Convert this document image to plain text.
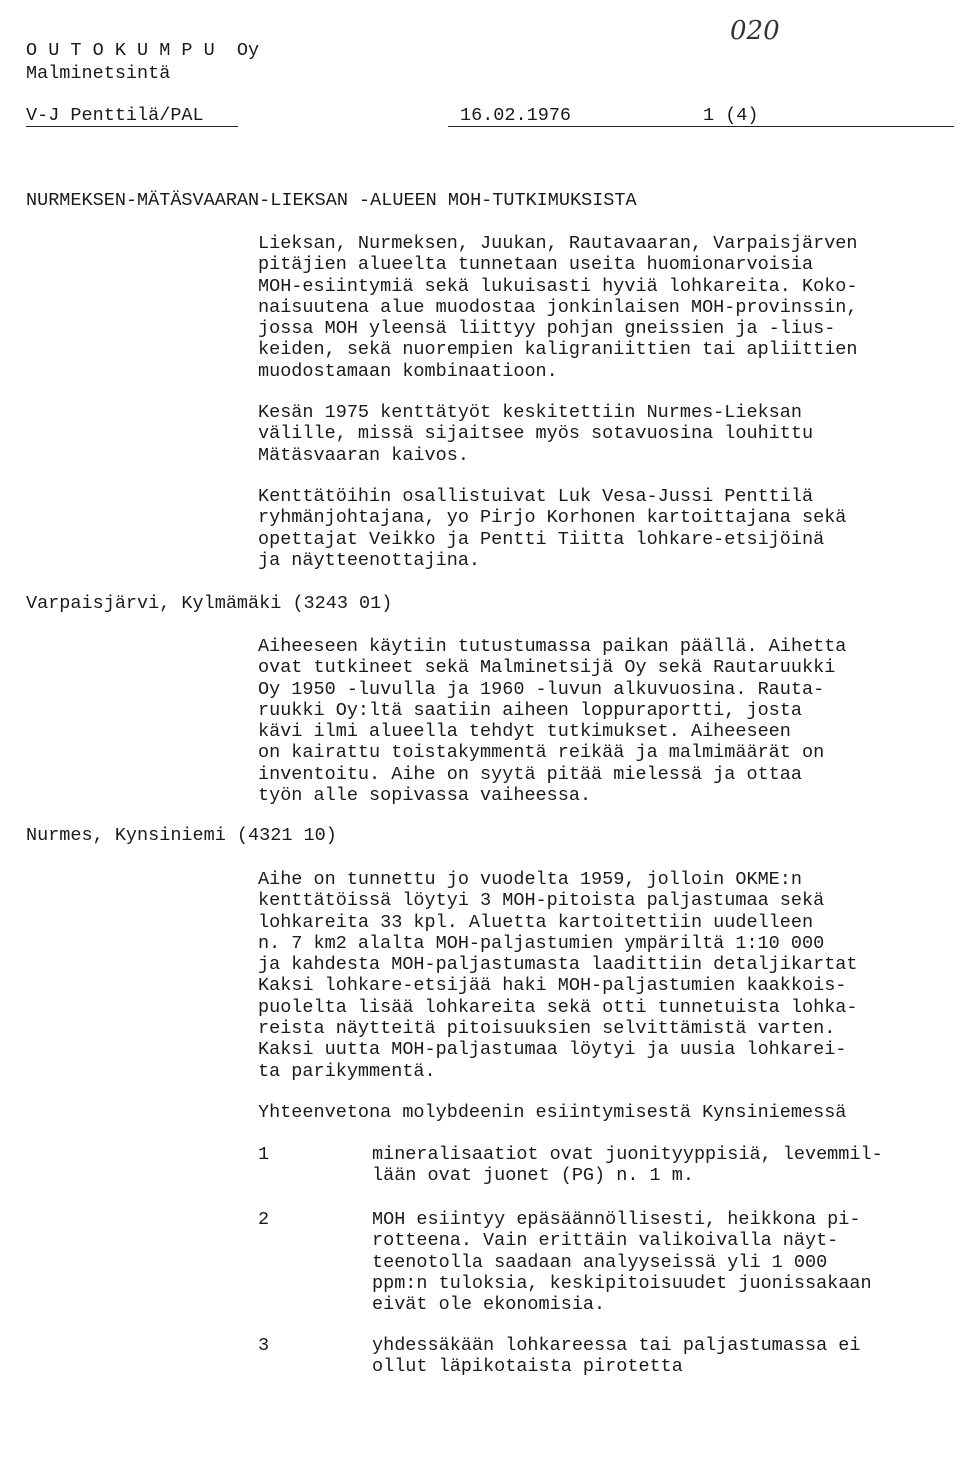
020
O U T O K U M P U  Oy
Malminetsintä
V-J Penttilä/PAL	16.02.1976	1 (4)
NURMEKSEN-MÄTÄSVAARAN-LIEKSAN -ALUEEN MOH-TUTKIMUKSISTA
Lieksan, Nurmeksen, Juukan, Rautavaaran, Varpaisjärven
pitäjien alueelta tunnetaan useita huomionarvoisia
MOH-esiintymiä sekä lukuisasti hyviä lohkareita. Koko-
naisuutena alue muodostaa jonkinlaisen MOH-provinssin,
jossa MOH yleensä liittyy pohjan gneissien ja -lius-
keiden, sekä nuorempien kaligraniittien tai apliittien
muodostamaan kombinaatioon.
Kesän 1975 kenttätyöt keskitettiin Nurmes-Lieksan
välille, missä sijaitsee myös sotavuosina louhittu
Mätäsvaaran kaivos.
Kenttätöihin osallistuivat Luk Vesa-Jussi Penttilä
ryhmänjohtajana, yo Pirjo Korhonen kartoittajana sekä
opettajat Veikko ja Pentti Tiitta lohkare-etsijöinä
ja näytteenottajina.
Varpaisjärvi, Kylmämäki (3243 01)
Aiheeseen käytiin tutustumassa paikan päällä. Aihetta
ovat tutkineet sekä Malminetsijä Oy sekä Rautaruukki
Oy 1950 -luvulla ja 1960 -luvun alkuvuosina. Rauta-
ruukki Oy:ltä saatiin aiheen loppuraportti, josta
kävi ilmi alueella tehdyt tutkimukset. Aiheeseen
on kairattu toistakymmentä reikää ja malmimäärät on
inventoitu. Aihe on syytä pitää mielessä ja ottaa
työn alle sopivassa vaiheessa.
Nurmes, Kynsiniemi (4321 10)
Aihe on tunnettu jo vuodelta 1959, jolloin OKME:n
kenttätöissä löytyi 3 MOH-pitoista paljastumaa sekä
lohkareita 33 kpl. Aluetta kartoitettiin uudelleen
n. 7 km2 alalta MOH-paljastumien ympäriltä 1:10 000
ja kahdesta MOH-paljastumasta laadittiin detaljikartat
Kaksi lohkare-etsijää haki MOH-paljastumien kaakkois-
puolelta lisää lohkareita sekä otti tunnetuista lohka-
reista näytteitä pitoisuuksien selvittämistä varten.
Kaksi uutta MOH-paljastumaa löytyi ja uusia lohkarei-
ta parikymmentä.
Yhteenvetona molybdeenin esiintymisestä Kynsiniemessä
1	mineralisaatiot ovat juonityyppisiä, levemmil-
lään ovat juonet (PG) n. 1 m.
2	MOH esiintyy epäsäännöllisesti, heikkona pi-
rotteena. Vain erittäin valikoivalla näyt-
teenotolla saadaan analyyseissä yli 1 000
ppm:n tuloksia, keskipitoisuudet juonissakaan
eivät ole ekonomisia.
3	yhdessäkään lohkareessa tai paljastumassa ei
ollut läpikotaista pirotetta
